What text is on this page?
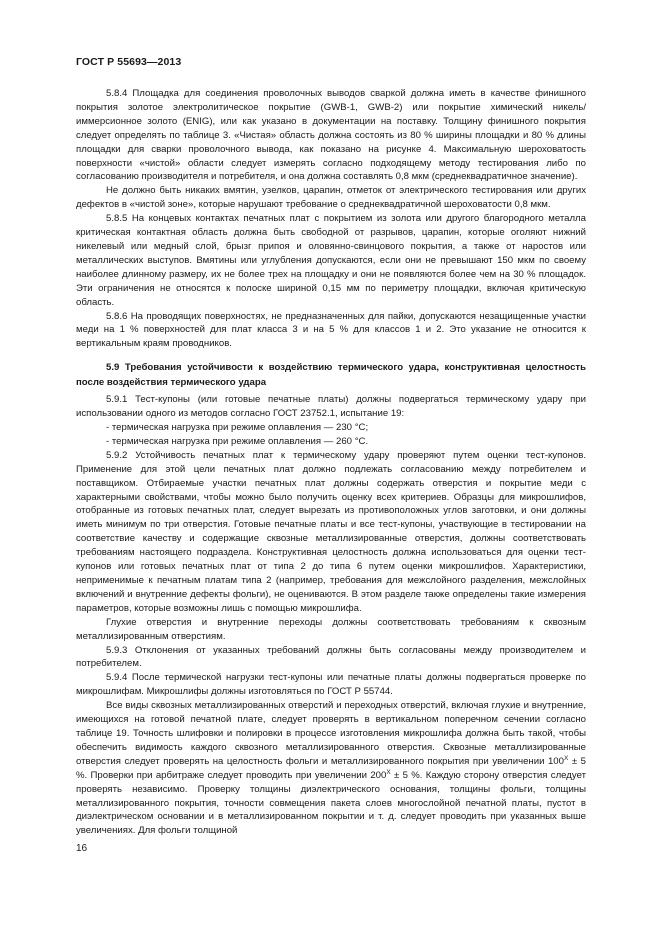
ГОСТ Р 55693—2013

5.8.4 Площадка для соединения проволочных выводов сваркой должна иметь в качестве финишного покрытия золотое электролитическое покрытие (GWB-1, GWB-2) или покрытие химический никель/иммерсионное золото (ENIG), или как указано в документации на поставку. Толщину финишного покрытия следует определять по таблице 3. «Чистая» область должна состоять из 80 % ширины площадки и 80 % длины площадки для сварки проволочного вывода, как показано на рисунке 4. Максимальную шероховатость поверхности «чистой» области следует измерять согласно подходящему методу тестирования либо по согласованию производителя и потребителя, и она должна составлять 0,8 мкм (среднеквадратичное значение).

Не должно быть никаких вмятин, узелков, царапин, отметок от электрического тестирования или других дефектов в «чистой зоне», которые нарушают требование о среднеквадратичной шероховатости 0,8 мкм.

5.8.5 На концевых контактах печатных плат с покрытием из золота или другого благородного металла критическая контактная область должна быть свободной от разрывов, царапин, которые оголяют нижний никелевый или медный слой, брызг припоя и оловянно-свинцового покрытия, а также от наростов или металлических выступов. Вмятины или углубления допускаются, если они не превышают 150 мкм по своему наиболее длинному размеру, их не более трех на площадку и они не появляются более чем на 30 % площадок. Эти ограничения не относятся к полоске шириной 0,15 мм по периметру площадки, включая критическую область.

5.8.6 На проводящих поверхностях, не предназначенных для пайки, допускаются незащищенные участки меди на 1 % поверхностей для плат класса 3 и на 5 % для классов 1 и 2. Это указание не относится к вертикальным краям проводников.

5.9 Требования устойчивости к воздействию термического удара, конструктивная целостность после воздействия термического удара

5.9.1 Тест-купоны (или готовые печатные платы) должны подвергаться термическому удару при использовании одного из методов согласно ГОСТ 23752.1, испытание 19:

- термическая нагрузка при режиме оплавления — 230 °С;

- термическая нагрузка при режиме оплавления — 260 °С.

5.9.2 Устойчивость печатных плат к термическому удару проверяют путем оценки тест-купонов. Применение для этой цели печатных плат должно подлежать согласованию между потребителем и поставщиком. Отбираемые участки печатных плат должны содержать отверстия и покрытие меди с характерными свойствами, чтобы можно было получить оценку всех критериев. Образцы для микрошлифов, отобранные из готовых печатных плат, следует вырезать из противоположных углов заготовки, и они должны иметь минимум по три отверстия. Готовые печатные платы и все тест-купоны, участвующие в тестировании на соответствие качеству и содержащие сквозные металлизированные отверстия, должны соответствовать требованиям настоящего подраздела. Конструктивная целостность должна использоваться для оценки тест-купонов или готовых печатных плат от типа 2 до типа 6 путем оценки микрошлифов. Характеристики, неприменимые к печатным платам типа 2 (например, требования для межслойного разделения, межслойных включений и внутренние дефекты фольги), не оцениваются. В этом разделе также определены такие измерения параметров, которые возможны лишь с помощью микрошлифа.

Глухие отверстия и внутренние переходы должны соответствовать требованиям к сквозным металлизированным отверстиям.

5.9.3 Отклонения от указанных требований должны быть согласованы между производителем и потребителем.

5.9.4 После термической нагрузки тест-купоны или печатные платы должны подвергаться проверке по микрошлифам. Микрошлифы должны изготовляться по ГОСТ Р 55744.

Все виды сквозных металлизированных отверстий и переходных отверстий, включая глухие и внутренние, имеющихся на готовой печатной плате, следует проверять в вертикальном поперечном сечении согласно таблице 19. Точность шлифовки и полировки в процессе изготовления микрошлифа должна быть такой, чтобы обеспечить видимость каждого сквозного металлизированного отверстия. Сквозные металлизированные отверстия следует проверять на целостность фольги и металлизированного покрытия при увеличении $100^X \pm 5$ %. Проверки при арбитраже следует проводить при увеличении $200^X \pm 5$ %. Каждую сторону отверстия следует проверять независимо. Проверку толщины диэлектрического основания, толщины фольги, толщины металлизированного покрытия, точности совмещения пакета слоев многослойной печатной платы, пустот в диэлектрическом основании и в металлизированном покрытии и т. д. следует проводить при указанных выше увеличениях. Для фольги толщиной

16
